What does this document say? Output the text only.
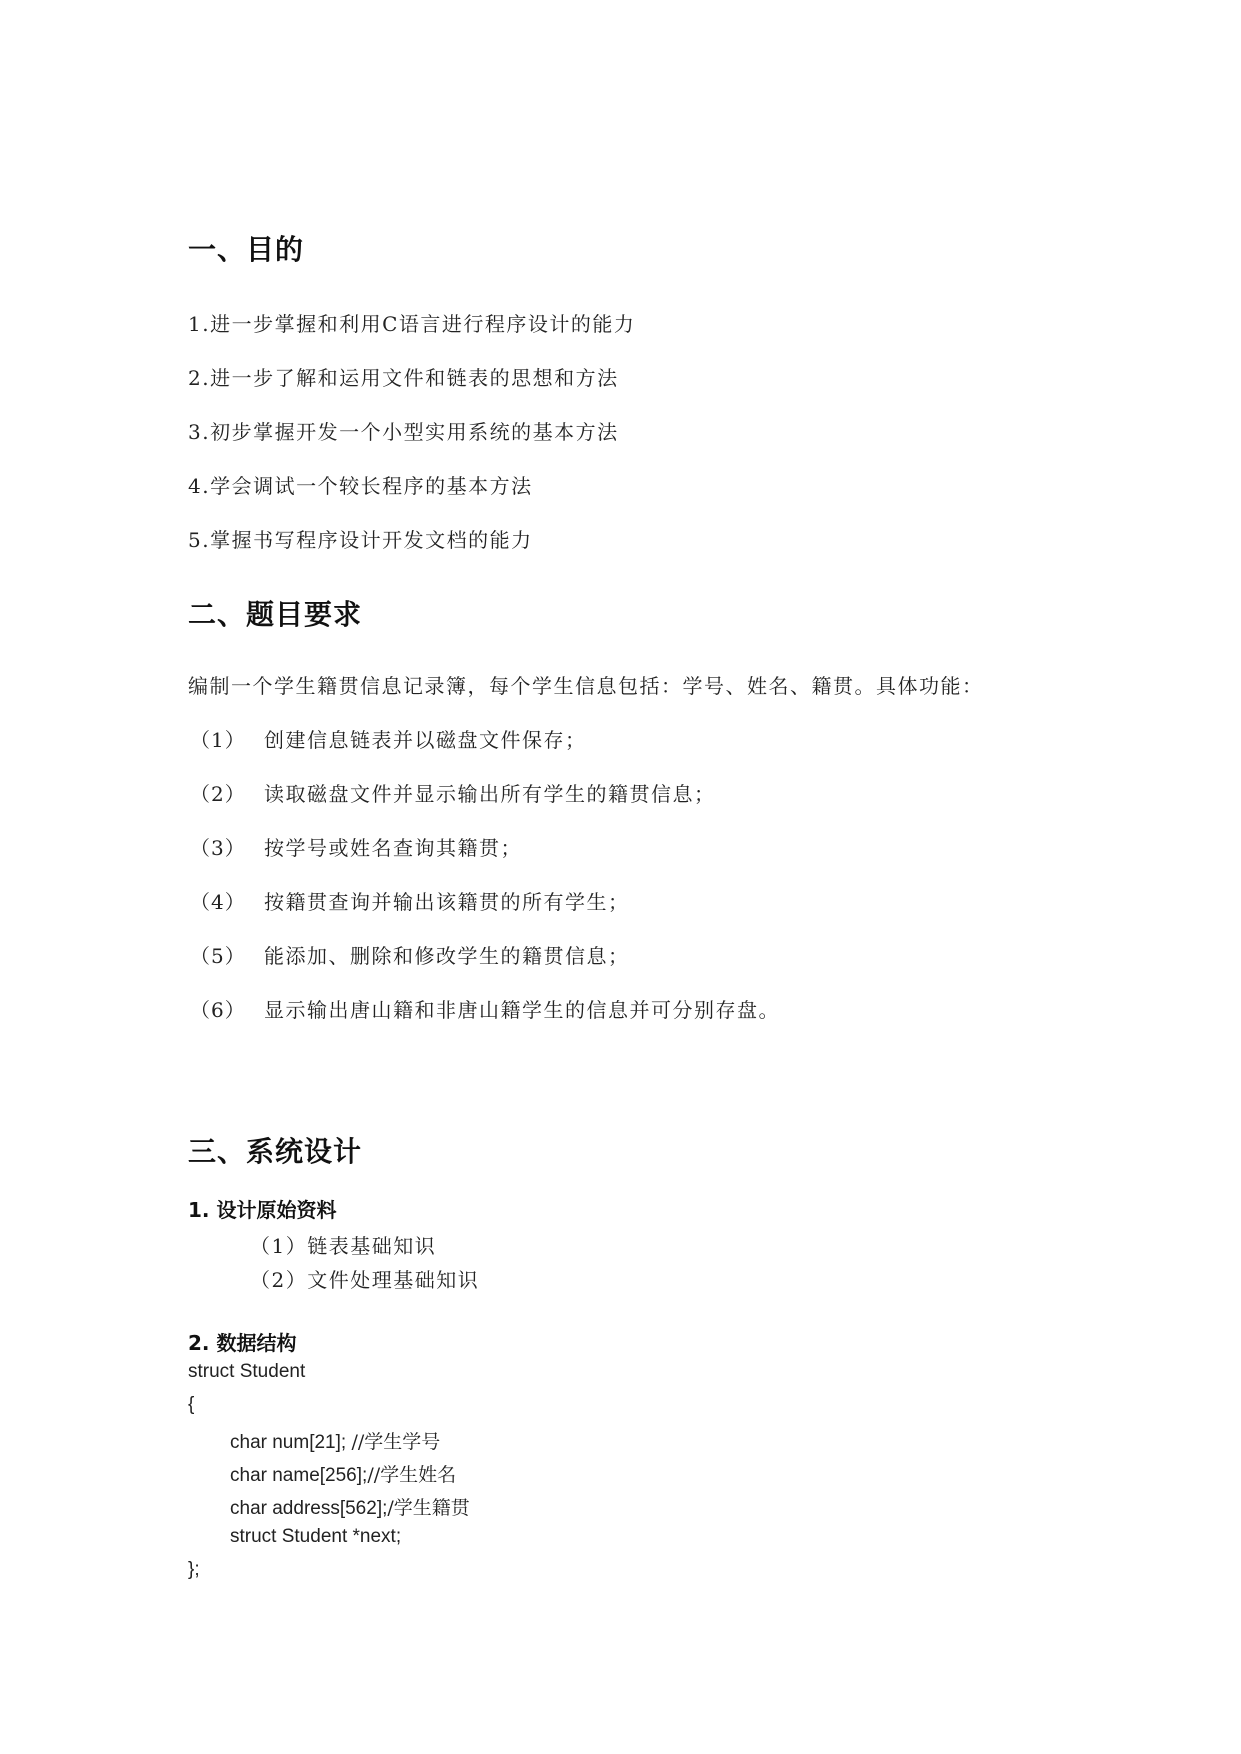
一、目的
1.进一步掌握和利用C语言进行程序设计的能力
2.进一步了解和运用文件和链表的思想和方法
3.初步掌握开发一个小型实用系统的基本方法
4.学会调试一个较长程序的基本方法
5.掌握书写程序设计开发文档的能力
二、题目要求
编制一个学生籍贯信息记录簿，每个学生信息包括：学号、姓名、籍贯。具体功能：
（1） 创建信息链表并以磁盘文件保存；
（2） 读取磁盘文件并显示输出所有学生的籍贯信息；
（3） 按学号或姓名查询其籍贯；
（4） 按籍贯查询并输出该籍贯的所有学生；
（5） 能添加、删除和修改学生的籍贯信息；
（6） 显示输出唐山籍和非唐山籍学生的信息并可分别存盘。
三、系统设计
1. 设计原始资料
（1）链表基础知识
（2）文件处理基础知识
2. 数据结构
struct Student
{
char num[21]; //学生学号
char name[256];//学生姓名
char address[562];/学生籍贯
struct Student *next;
};
